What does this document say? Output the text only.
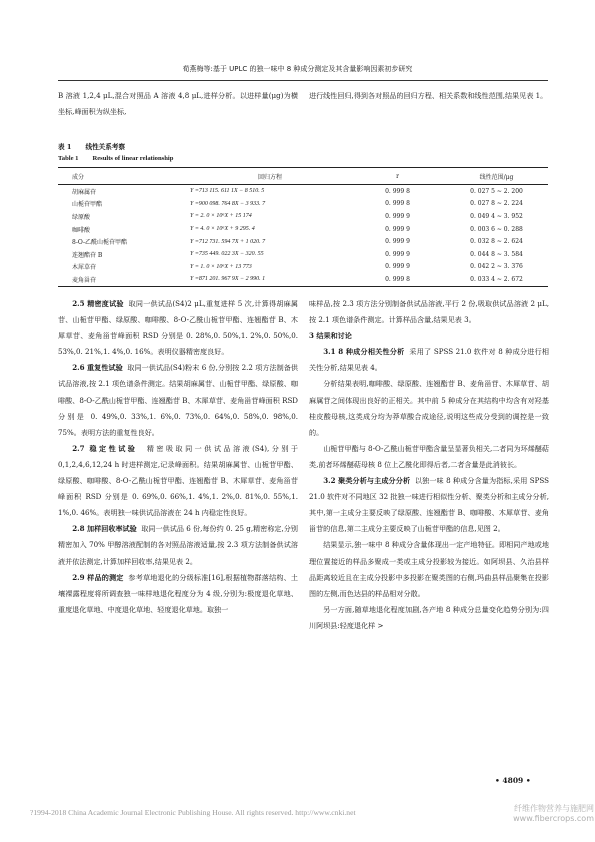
荀燕梅等:基于 UPLC 的独一味中 8 种成分测定及其含量影响因素初步研究

B 溶液 1,2,4 μL,混合对照品 A 溶液 4,8 μL,进样分析。以进样量(μg)为横坐标,峰面积为纵坐标,

进行线性回归,得到各对照品的回归方程、相关系数和线性范围,结果见表 1。

表 1 线性关系考察
Table 1 Results of linear relationship
成分	回归方程	r	线性范围/μg
胡麻属苷	Y =713 115. 611 1X − 8 510. 5	0. 999 8	0. 027 5 ~ 2. 200
山栀苷甲酯	Y =900 098. 764 8X − 3 933. 7	0. 999 8	0. 027 8 ~ 2. 224
绿原酸	Y = 2. 0 × 10⁶X + 15 174	0. 999 9	0. 049 4 ~ 3. 952
咖啡酸	Y = 4. 0 × 10⁶X + 9 295. 4	0. 999 9	0. 003 6 ~ 0. 288
8-O-乙酰山栀苷甲酯	Y =712 731. 594 7X + 1 020. 7	0. 999 9	0. 032 8 ~ 2. 624
连翘酯苷 B	Y =735 449. 022 3X − 320. 55	0. 999 9	0. 044 8 ~ 3. 584
木犀草苷	Y = 1. 0 × 10⁶X + 13 773	0. 999 9	0. 042 2 ~ 3. 376
麦角甾苷	Y =871 201. 967 9X − 2 990. 1	0. 999 8	0. 033 4 ~ 2. 672

2.5 精密度试验 取同一供试品(S4)2 μL,重复进样 5 次,计算得胡麻属苷、山栀苷甲酯、绿原酸、咖啡酸、8-O-乙酰山栀苷甲酯、连翘酯苷 B、木犀草苷、麦角甾苷峰面积 RSD 分别是 0. 28%,0. 50%,1. 2%,0. 50%,0. 53%,0. 21%,1. 4%,0. 16%。表明仪器精密度良好。

2.6 重复性试验 取同一供试品(S4)粉末 6 份,分别按 2.2 项方法制备供试品溶液,按 2.1 项色谱条件测定。结果胡麻属苷、山栀苷甲酯、绿原酸、咖啡酸、8-O-乙酰山栀苷甲酯、连翘酯苷 B、木犀草苷、麦角甾苷峰面积 RSD 分别是 0. 49%,0. 33%,1. 6%,0. 73%,0. 64%,0. 58%,0. 98%,0. 75%。表明方法的重复性良好。

2.7 稳定性试验 精密吸取同一供试品溶液(S4),分别于 0,1,2,4,6,12,24 h 时进样测定,记录峰面积。结果胡麻属苷、山栀苷甲酯、绿原酸、咖啡酸、8-O-乙酰山栀苷甲酯、连翘酯苷 B、木犀草苷、麦角甾苷峰面积 RSD 分别是 0. 69%,0. 66%,1. 4%,1. 2%,0. 81%,0. 55%,1. 1%,0. 46%。表明独一味供试品溶液在 24 h 内稳定性良好。

2.8 加样回收率试验 取同一供试品 6 份,每份约 0. 25 g,精密称定,分别精密加入 70% 甲醇溶液配制的各对照品溶液适量,按 2.3 项方法制备供试溶液并依法测定,计算加样回收率,结果见表 2。

2.9 样品的测定 参考草地退化的分级标准[16],根据植物群落结构、土壤裸露程度将所调查独一味样地退化程度分为 4 级,分别为:极度退化草地、重度退化草地、中度退化草地、轻度退化草地。取独一

味样品,按 2.3 项方法分别制备供试品溶液,平行 2 份,吸取供试品溶液 2 μL,按 2.1 项色谱条件测定。计算样品含量,结果见表 3。

3 结果和讨论

3.1 8 种成分相关性分析 采用了 SPSS 21.0 软件对 8 种成分进行相关性分析,结果见表 4。

分析结果表明,咖啡酸、绿原酸、连翘酯苷 B、麦角甾苷、木犀草苷、胡麻属苷之间体现出良好的正相关。其中前 5 种成分在其结构中均含有对羟基桂皮酸母核,这类成分均为莽草酸合成途径,说明这些成分受到的调控是一致的。

山栀苷甲酯与 8-O-乙酰山栀苷甲酯含量呈显著负相关,二者同为环烯醚萜类,前者环烯醚萜母核 8 位上乙酰化即得后者,二者含量是此消彼长。

3.2 聚类分析与主成分分析 以独一味 8 种成分含量为指标,采用 SPSS 21.0 软件对不同地区 32 批独一味进行相似性分析、聚类分析和主成分分析,其中,第一主成分主要反映了绿原酸、连翘酯苷 B、咖啡酸、木犀草苷、麦角甾苷的信息,第二主成分主要反映了山栀苷甲酯的信息,见图 2。

结果显示,独一味中 8 种成分含量体现出一定产地特征。即相同产地或地理位置接近的样品多聚成一类或主成分投影较为接近。如阿坝县、久治县样品距离较近且在主成分投影中多投影在聚类图的右侧,玛曲县样品聚集在投影图的左侧,而色达县的样品相对分散。

另一方面,随草地退化程度加剧,各产地 8 种成分总量变化趋势分别为:四川阿坝县:轻度退化样 >

• 4809 •
?1994-2018 China Academic Journal Electronic Publishing House. All rights reserved. http://www.cnki.net	纤维作物营养与施肥网 www.fibercrops.com
